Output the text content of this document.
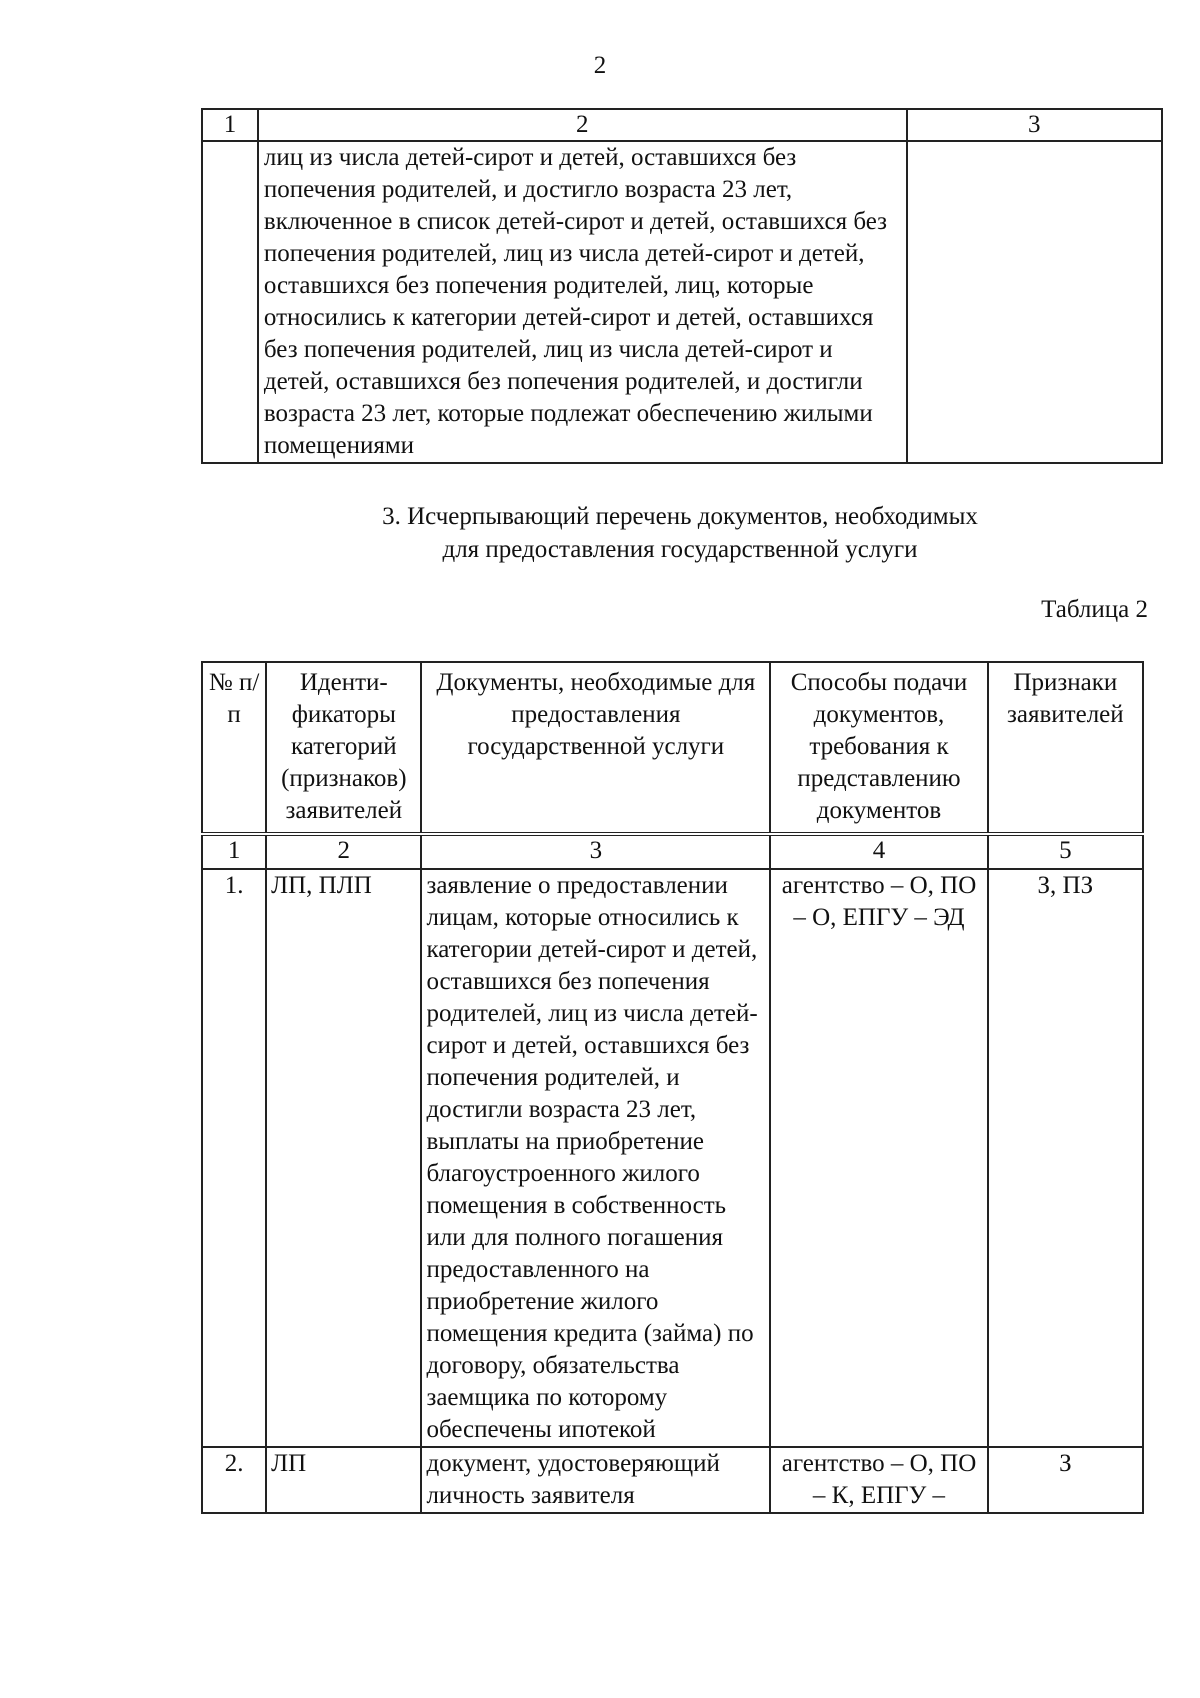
2
1	2	3
	лиц из числа детей-сирот и детей, оставшихся без попечения родителей, и достигло возраста 23 лет, включенное в список детей-сирот и детей, оставшихся без попечения родителей, лиц из числа детей-сирот и детей, оставшихся без попечения родителей, лиц, которые относились к категории детей-сирот и детей, оставшихся без попечения родителей, лиц из числа детей-сирот и детей, оставшихся без попечения родителей, и достигли возраста 23 лет, которые подлежат обеспечению жилыми помещениями	
3. Исчерпывающий перечень документов, необходимых
для предоставления государственной услуги
Таблица 2
№ п/п	Иденти-фикаторы категорий (признаков) заявителей	Документы, необходимые для предоставления государственной услуги	Способы подачи документов, требования к представлению документов	Признаки заявителей
1	2	3	4	5
1.	ЛП, ПЛП	заявление о предоставлении лицам, которые относились к категории детей-сирот и детей, оставшихся без попечения родителей, лиц из числа детей-сирот и детей, оставшихся без попечения родителей, и достигли возраста 23 лет, выплаты на приобретение благоустроенного жилого помещения в собственность или для полного погашения предоставленного на приобретение жилого помещения кредита (займа) по договору, обязательства заемщика по которому обеспечены ипотекой	агентство – О, ПО – О, ЕПГУ – ЭД	З, ПЗ
2.	ЛП	документ, удостоверяющий личность заявителя	агентство – О, ПО – К, ЕПГУ –	З
